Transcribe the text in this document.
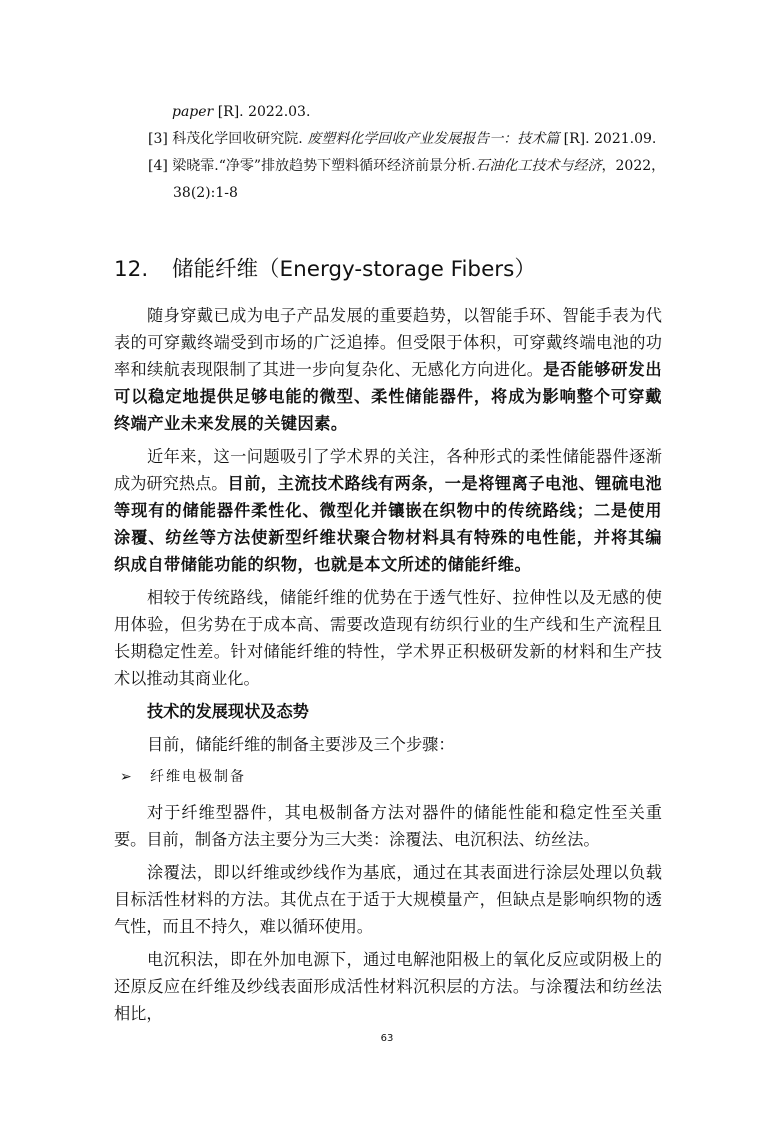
paper [R]. 2022.03.
[3] 科茂化学回收研究院. 废塑料化学回收产业发展报告一：技术篇 [R]. 2021.09.
[4] 梁晓霏.“净零”排放趋势下塑料循环经济前景分析.石油化工技术与经济，2022，
38(2):1-8
12. 储能纤维（Energy-storage Fibers）

随身穿戴已成为电子产品发展的重要趋势，以智能手环、智能手表为代表的可穿戴终端受到市场的广泛追捧。但受限于体积，可穿戴终端电池的功率和续航表现限制了其进一步向复杂化、无感化方向进化。是否能够研发出可以稳定地提供足够电能的微型、柔性储能器件，将成为影响整个可穿戴终端产业未来发展的关键因素。

近年来，这一问题吸引了学术界的关注，各种形式的柔性储能器件逐渐成为研究热点。目前，主流技术路线有两条，一是将锂离子电池、锂硫电池等现有的储能器件柔性化、微型化并镶嵌在织物中的传统路线；二是使用涂覆、纺丝等方法使新型纤维状聚合物材料具有特殊的电性能，并将其编织成自带储能功能的织物，也就是本文所述的储能纤维。

相较于传统路线，储能纤维的优势在于透气性好、拉伸性以及无感的使用体验，但劣势在于成本高、需要改造现有纺织行业的生产线和生产流程且长期稳定性差。针对储能纤维的特性，学术界正积极研发新的材料和生产技术以推动其商业化。

技术的发展现状及态势
目前，储能纤维的制备主要涉及三个步骤：
➢ 纤维电极制备

对于纤维型器件，其电极制备方法对器件的储能性能和稳定性至关重要。目前，制备方法主要分为三大类：涂覆法、电沉积法、纺丝法。

涂覆法，即以纤维或纱线作为基底，通过在其表面进行涂层处理以负载目标活性材料的方法。其优点在于适于大规模量产，但缺点是影响织物的透气性，而且不持久，难以循环使用。

电沉积法，即在外加电源下，通过电解池阳极上的氧化反应或阴极上的还原反应在纤维及纱线表面形成活性材料沉积层的方法。与涂覆法和纺丝法相比，

63
